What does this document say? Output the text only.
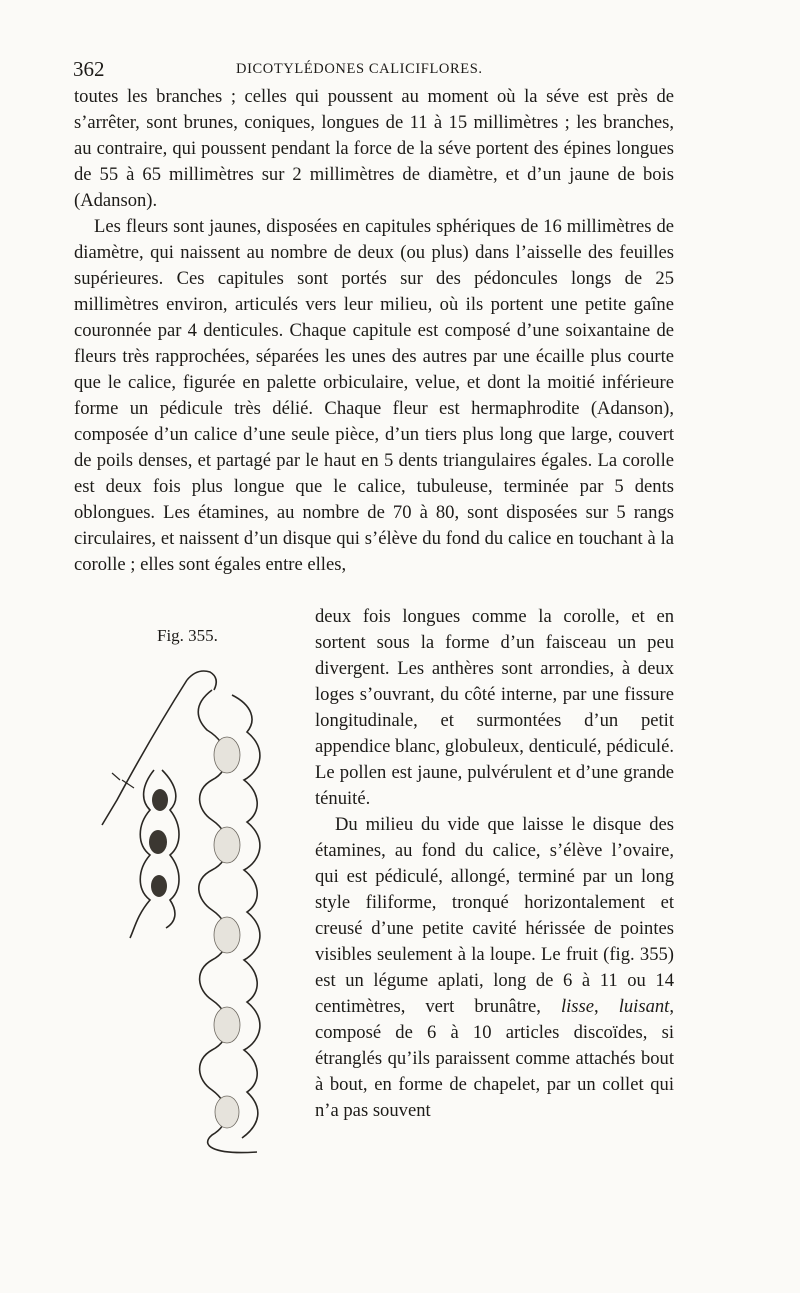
362	DICOTYLÉDONES CALICIFLORES.

toutes les branches ; celles qui poussent au moment où la séve est près de s’arrêter, sont brunes, coniques, longues de 11 à 15 millimètres ; les branches, au contraire, qui poussent pendant la force de la séve portent des épines longues de 55 à 65 millimètres sur 2 millimètres de diamètre, et d’un jaune de bois (Adanson).

Les fleurs sont jaunes, disposées en capitules sphériques de 16 millimètres de diamètre, qui naissent au nombre de deux (ou plus) dans l’aisselle des feuilles supérieures. Ces capitules sont portés sur des pédoncules longs de 25 millimètres environ, articulés vers leur milieu, où ils portent une petite gaîne couronnée par 4 denticules. Chaque capitule est composé d’une soixantaine de fleurs très rapprochées, séparées les unes des autres par une écaille plus courte que le calice, figurée en palette orbiculaire, velue, et dont la moitié inférieure forme un pédicule très délié. Chaque fleur est hermaphrodite (Adanson), composée d’un calice d’une seule pièce, d’un tiers plus long que large, couvert de poils denses, et partagé par le haut en 5 dents triangulaires égales. La corolle est deux fois plus longue que le calice, tubuleuse, terminée par 5 dents oblongues. Les étamines, au nombre de 70 à 80, sont disposées sur 5 rangs circulaires, et naissent d’un disque qui s’élève du fond du calice en touchant à la corolle ; elles sont égales entre elles,

Fig. 355.

deux fois longues comme la corolle, et en sortent sous la forme d’un faisceau un peu divergent. Les anthères sont arrondies, à deux loges s’ouvrant, du côté interne, par une fissure longitudinale, et surmontées d’un petit appendice blanc, globuleux, denticulé, pédiculé. Le pollen est jaune, pulvérulent et d’une grande ténuité.

Du milieu du vide que laisse le disque des étamines, au fond du calice, s’élève l’ovaire, qui est pédiculé, allongé, terminé par un long style filiforme, tronqué horizontalement et creusé d’une petite cavité hérissée de pointes visibles seulement à la loupe. Le fruit (fig. 355) est un légume aplati, long de 6 à 11 ou 14 centimètres, vert brunâtre, lisse, luisant, composé de 6 à 10 articles discoïdes, si étranglés qu’ils paraissent comme attachés bout à bout, en forme de chapelet, par un collet qui n’a pas souvent
